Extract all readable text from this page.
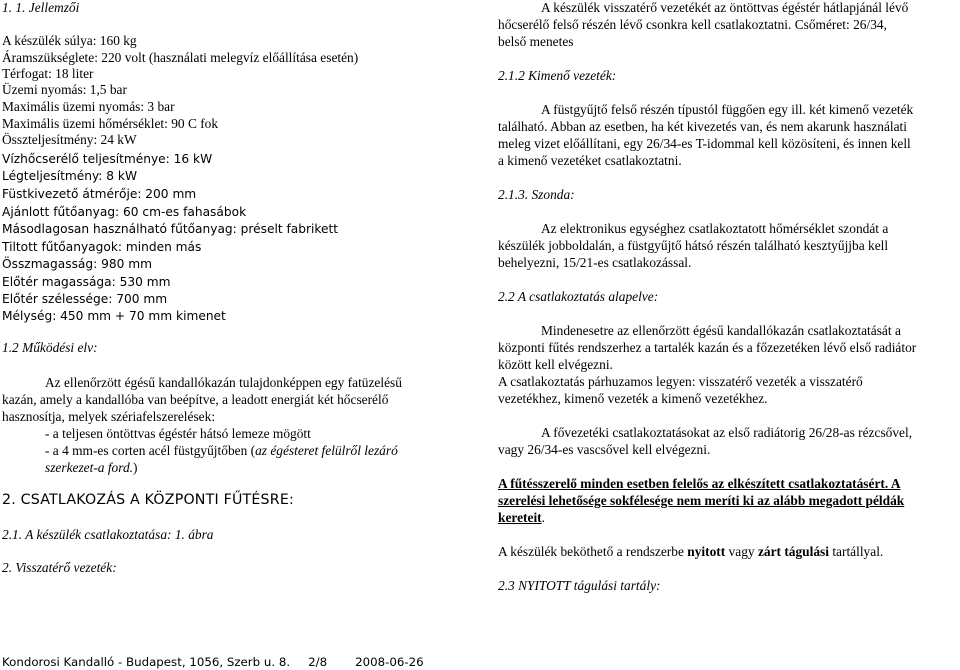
1. 1. Jellemzői
A készülék súlya: 160 kg
Áramszükséglete: 220 volt (használati melegvíz előállítása esetén)
Térfogat: 18 liter
Üzemi nyomás: 1,5 bar
Maximális üzemi nyomás: 3 bar
Maximális üzemi hőmérséklet: 90 C fok
Összteljesítmény: 24 kW
Vízhőcserélő teljesítménye: 16 kW
Légteljesítmény: 8 kW
Füstkivezető átmérője: 200 mm
Ajánlott fűtőanyag: 60 cm-es fahasábok
Másodlagosan használható fűtőanyag: préselt fabrikett
Tiltott fűtőanyagok: minden más
Összmagasság: 980 mm
Előtér magassága: 530 mm
Előtér szélessége: 700 mm
Mélység: 450 mm + 70 mm kimenet
1.2 Működési elv:
Az ellenőrzött égésű kandallókazán tulajdonképpen egy fatüzelésű
kazán, amely a kandallóba van beépítve, a leadott energiát két hőcserélő
hasznosítja, melyek szériafelszerelések:
- a teljesen öntöttvas égéstér hátsó lemeze mögött
- a 4 mm-es corten acél füstgyűjtőben (az égésteret felülről lezáró
szerkezet-a ford.)
2. CSATLAKOZÁS A KÖZPONTI FŰTÉSRE:
2.1. A készülék csatlakoztatása: 1. ábra
2. Visszatérő vezeték:
A készülék visszatérő vezetékét az öntöttvas égéstér hátlapjánál lévő
hőcserélő felső részén lévő csonkra kell csatlakoztatni. Csőméret: 26/34,
belső menetes
2.1.2 Kimenő vezeték:
A füstgyűjtő felső részén típustól függően egy ill. két kimenő vezeték
található. Abban az esetben, ha két kivezetés van, és nem akarunk használati
meleg vizet előállítani, egy 26/34-es T-idommal kell közösíteni, és innen kell
a kimenő vezetéket csatlakoztatni.
2.1.3. Szonda:
Az elektronikus egységhez csatlakoztatott hőmérséklet szondát a
készülék jobboldalán, a füstgyűjtő hátsó részén található kesztyűjjba kell
behelyezni, 15/21-es csatlakozással.
2.2 A csatlakoztatás alapelve:
Mindenesetre az ellenőrzött égésű kandallókazán csatlakoztatását a
központi fűtés rendszerhez a tartalék kazán és a főzezetéken lévő első radiátor
között kell elvégezni.
A csatlakoztatás párhuzamos legyen: visszatérő vezeték a visszatérő
vezetékhez, kimenő vezeték a kimenő vezetékhez.
A fővezetéki csatlakoztatásokat az első radiátorig 26/28-as rézcsővel,
vagy 26/34-es vascsővel kell elvégezni.
A fűtésszerelő minden esetben felelős az elkészített csatlakoztatásért. A
szerelési lehetősége sokfélesége nem meríti ki az alább megadott példák
kereteit.
A készülék beköthető a rendszerbe nyitott vagy zárt tágulási tartállyal.
2.3 NYITOTT tágulási tartály:
Kondorosi Kandalló - Budapest, 1056, Szerb u. 8. 2/8 2008-06-26
